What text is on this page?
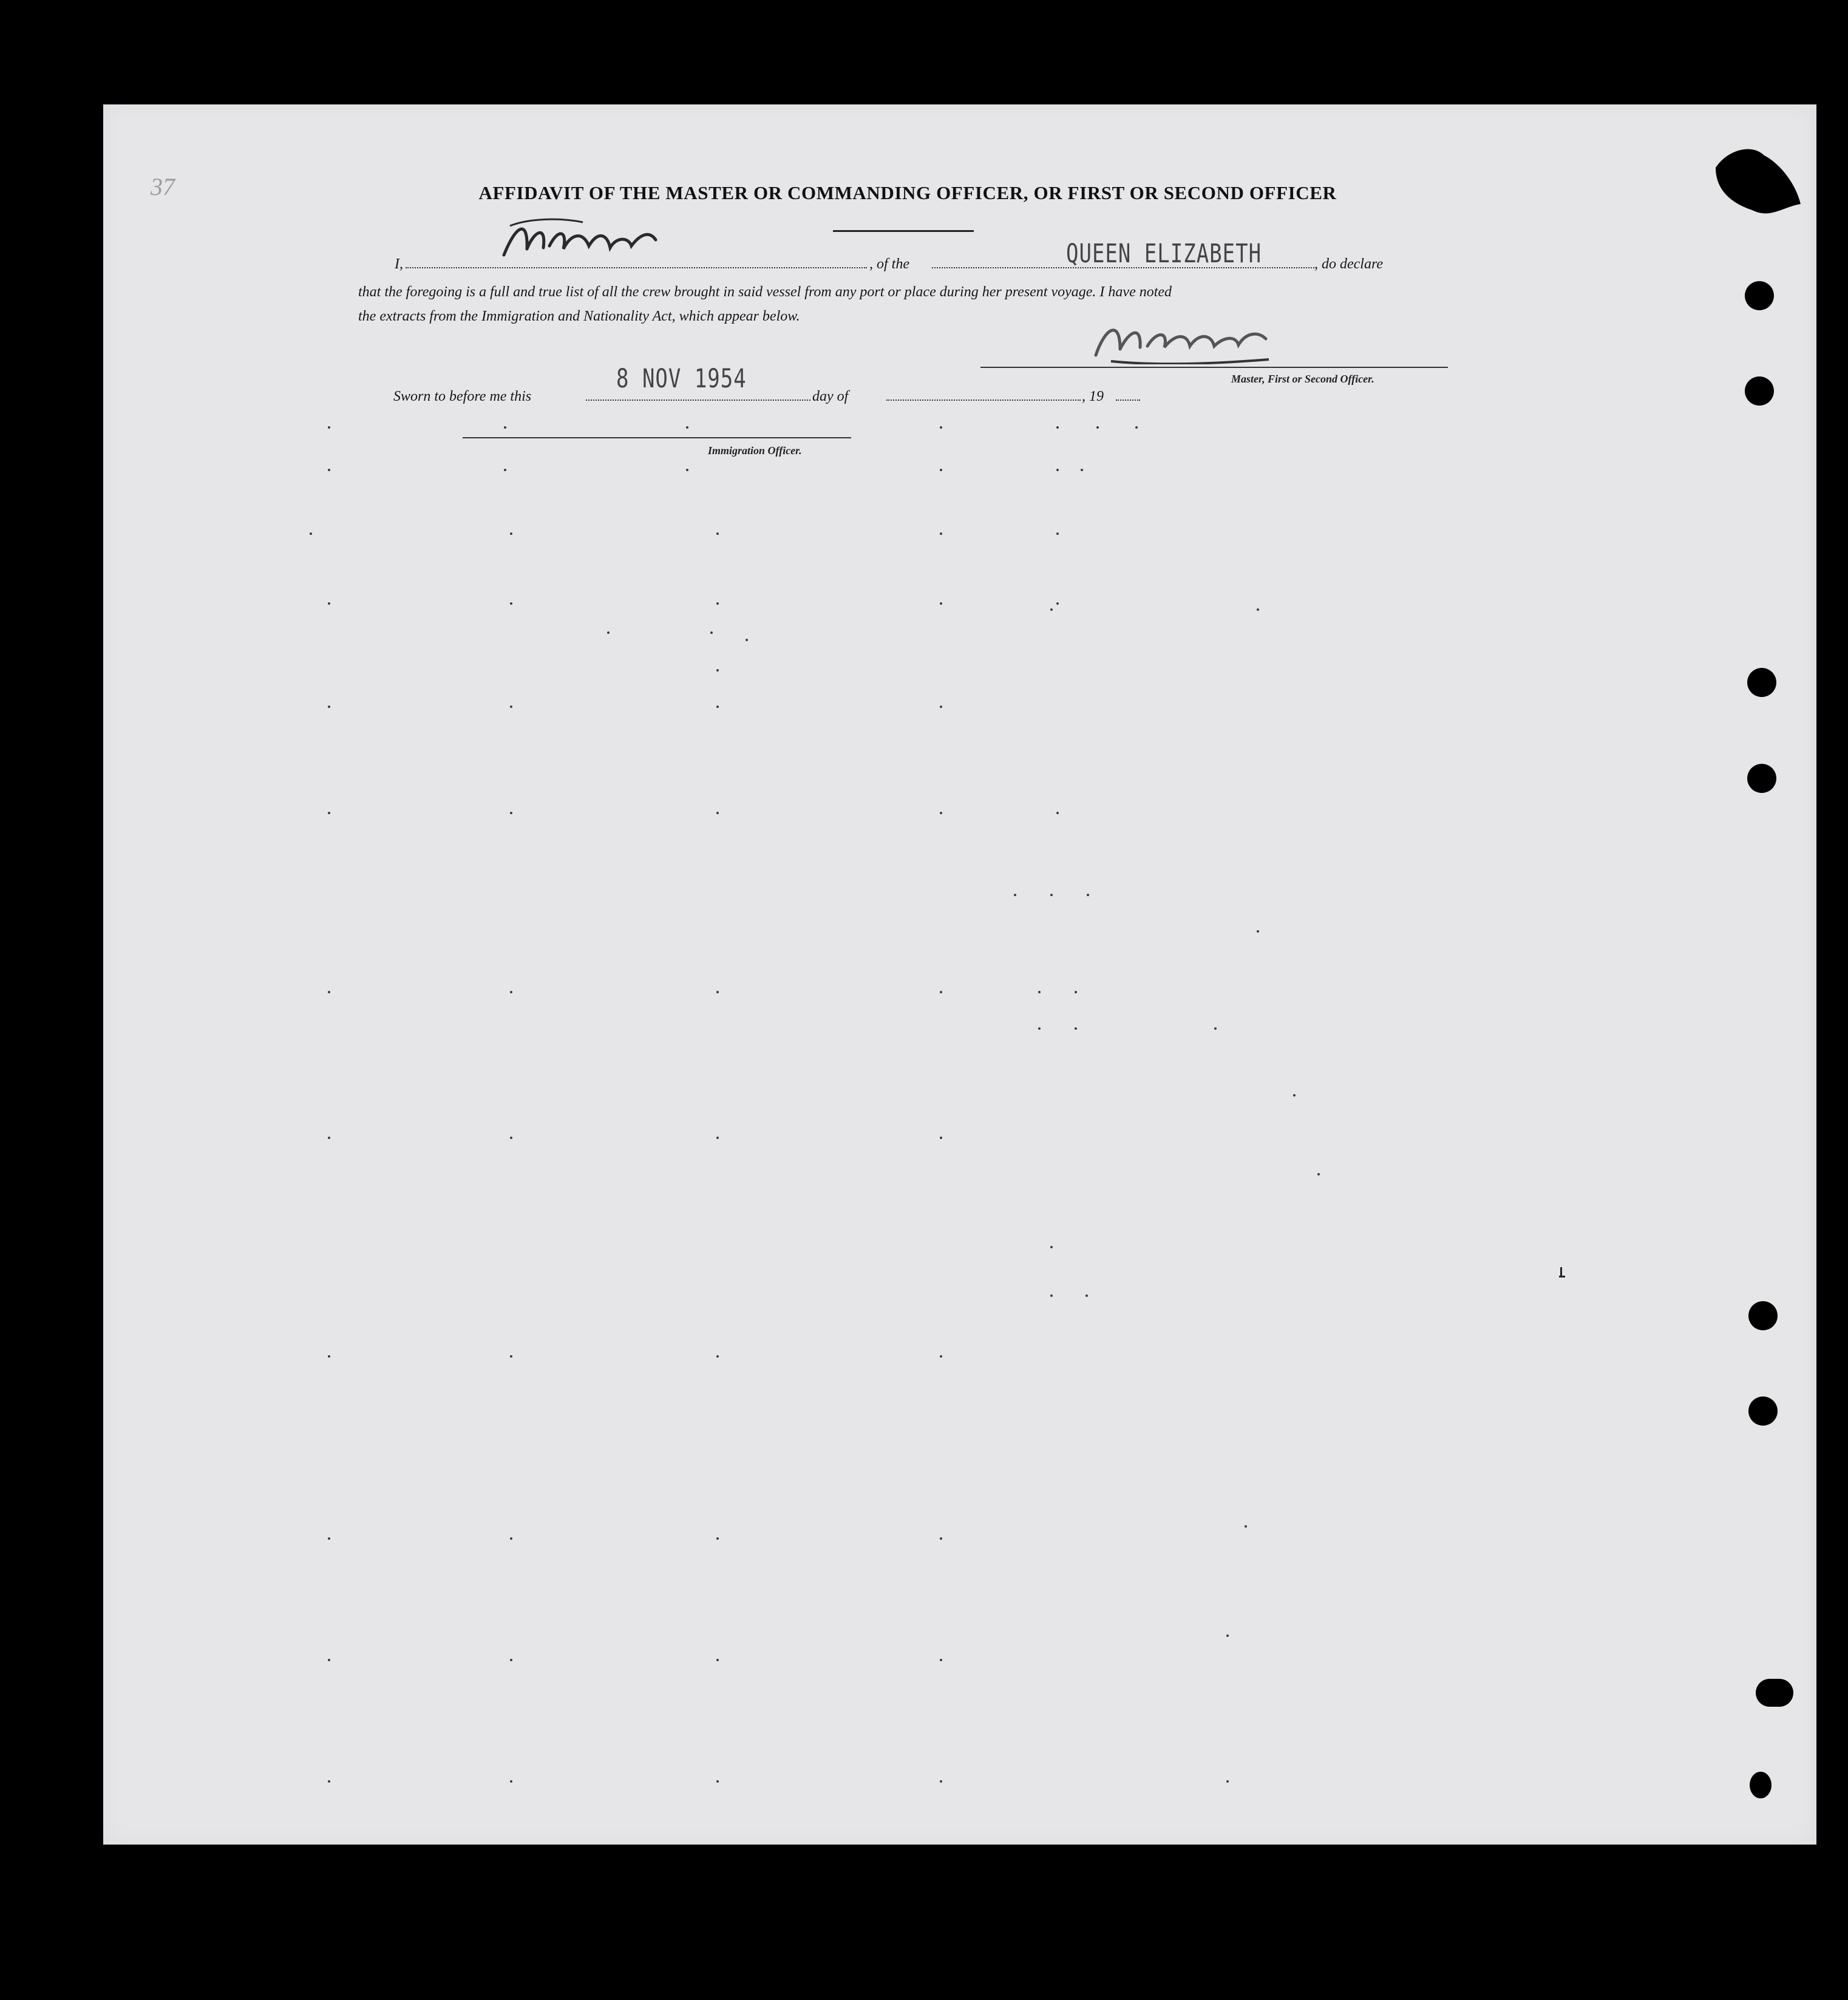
37	AFFIDAVIT OF THE MASTER OR COMMANDING OFFICER, OR FIRST OR SECOND OFFICER
I,	, of the	QUEEN ELIZABETH	, do declare
that the foregoing is a full and true list of all the crew brought in said vessel from any port or place during her present voyage. I have noted
the extracts from the Immigration and Nationality Act, which appear below.
Master, First or Second Officer.
Sworn to before me this
8 NOV 1954
day of	, 19
Immigration Officer.
